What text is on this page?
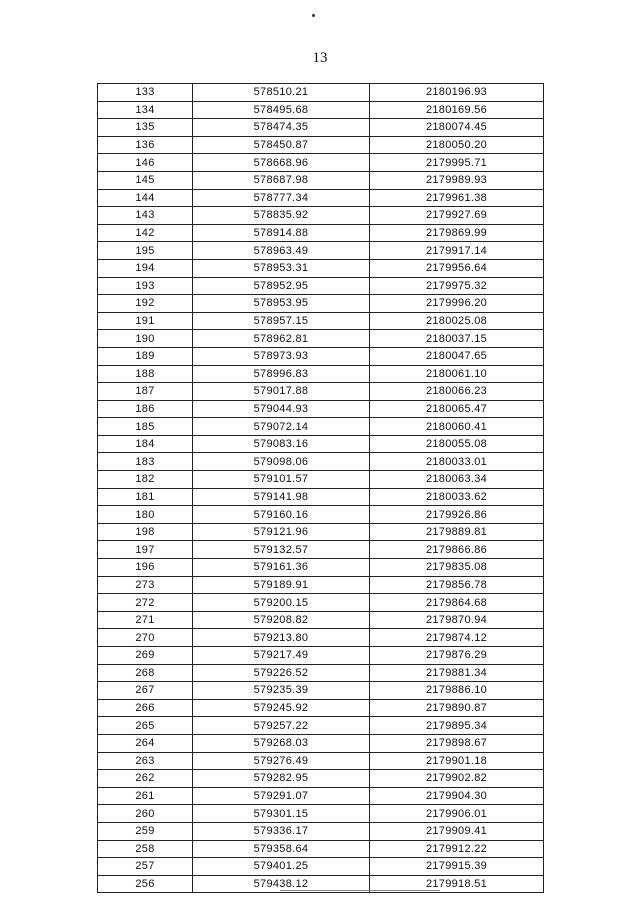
13
133	578510.21	2180196.93
134	578495.68	2180169.56
135	578474.35	2180074.45
136	578450.87	2180050.20
146	578668.96	2179995.71
145	578687.98	2179989.93
144	578777.34	2179961.38
143	578835.92	2179927.69
142	578914.88	2179869.99
195	578963.49	2179917.14
194	578953.31	2179956.64
193	578952.95	2179975.32
192	578953.95	2179996.20
191	578957.15	2180025.08
190	578962.81	2180037.15
189	578973.93	2180047.65
188	578996.83	2180061.10
187	579017.88	2180066.23
186	579044.93	2180065.47
185	579072.14	2180060.41
184	579083.16	2180055.08
183	579098.06	2180033.01
182	579101.57	2180063.34
181	579141.98	2180033.62
180	579160.16	2179926.86
198	579121.96	2179889.81
197	579132.57	2179866.86
196	579161.36	2179835.08
273	579189.91	2179856.78
272	579200.15	2179864.68
271	579208.82	2179870.94
270	579213.80	2179874.12
269	579217.49	2179876.29
268	579226.52	2179881.34
267	579235.39	2179886.10
266	579245.92	2179890.87
265	579257.22	2179895.34
264	579268.03	2179898.67
263	579276.49	2179901.18
262	579282.95	2179902.82
261	579291.07	2179904.30
260	579301.15	2179906.01
259	579336.17	2179909.41
258	579358.64	2179912.22
257	579401.25	2179915.39
256	579438.12	2179918.51
